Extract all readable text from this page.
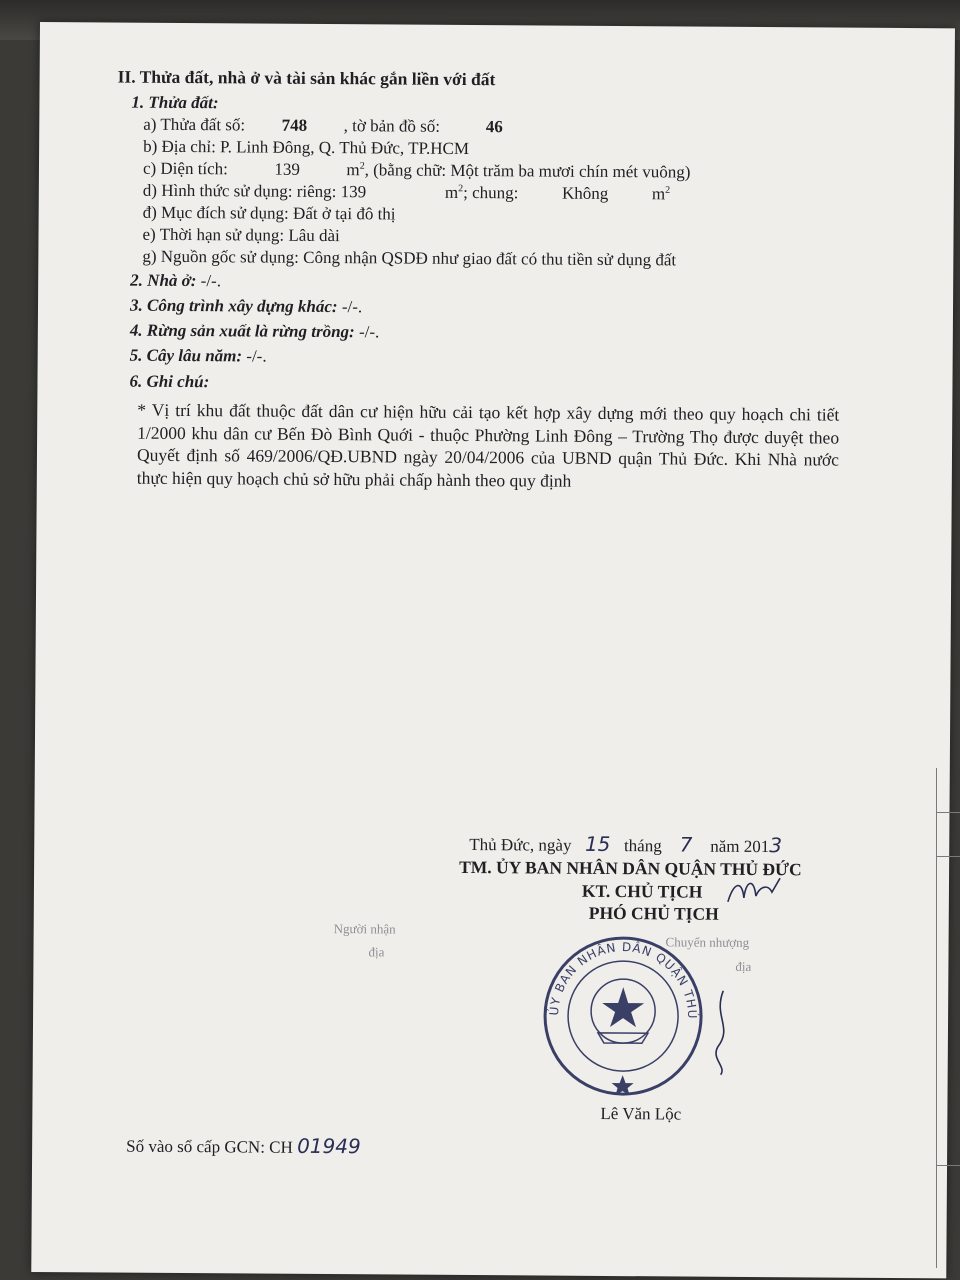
II. Thửa đất, nhà ở và tài sản khác gắn liền với đất
1. Thửa đất:
a) Thửa đất số: 748 , tờ bản đồ số:	46
b) Địa chỉ: P. Linh Đông, Q. Thủ Đức, TP.HCM
c) Diện tích:	139	$m^2$, (bằng chữ: Một trăm ba mươi chín mét vuông)
d) Hình thức sử dụng: riêng: 139	$m^2$; chung:	Không	$m^2$
đ) Mục đích sử dụng: Đất ở tại đô thị
e) Thời hạn sử dụng: Lâu dài
g) Nguồn gốc sử dụng: Công nhận QSDĐ như giao đất có thu tiền sử dụng đất
2. Nhà ở: -/-.
3. Công trình xây dựng khác: -/-.
4. Rừng sản xuất là rừng trồng: -/-.
5. Cây lâu năm: -/-.
6. Ghi chú:
* Vị trí khu đất thuộc đất dân cư hiện hữu cải tạo kết hợp xây dựng mới theo quy hoạch chi tiết 1/2000 khu dân cư Bến Đò Bình Quới - thuộc Phường Linh Đông – Trường Thọ được duyệt theo Quyết định số 469/2006/QĐ.UBND ngày 20/04/2006 của UBND quận Thủ Đức. Khi Nhà nước thực hiện quy hoạch chủ sở hữu phải chấp hành theo quy định
Thủ Đức, ngày 15 tháng 7 năm 2013
TM. ỦY BAN NHÂN DÂN QUẬN THỦ ĐỨC
KT. CHỦ TỊCH
PHÓ CHỦ TỊCH
Người nhận
địa
Chuyển nhượng
địa
ỦY BAN NHÂN DÂN QUẬN THỦ
Lê Văn Lộc
Số vào sổ cấp GCN: CH 01949
